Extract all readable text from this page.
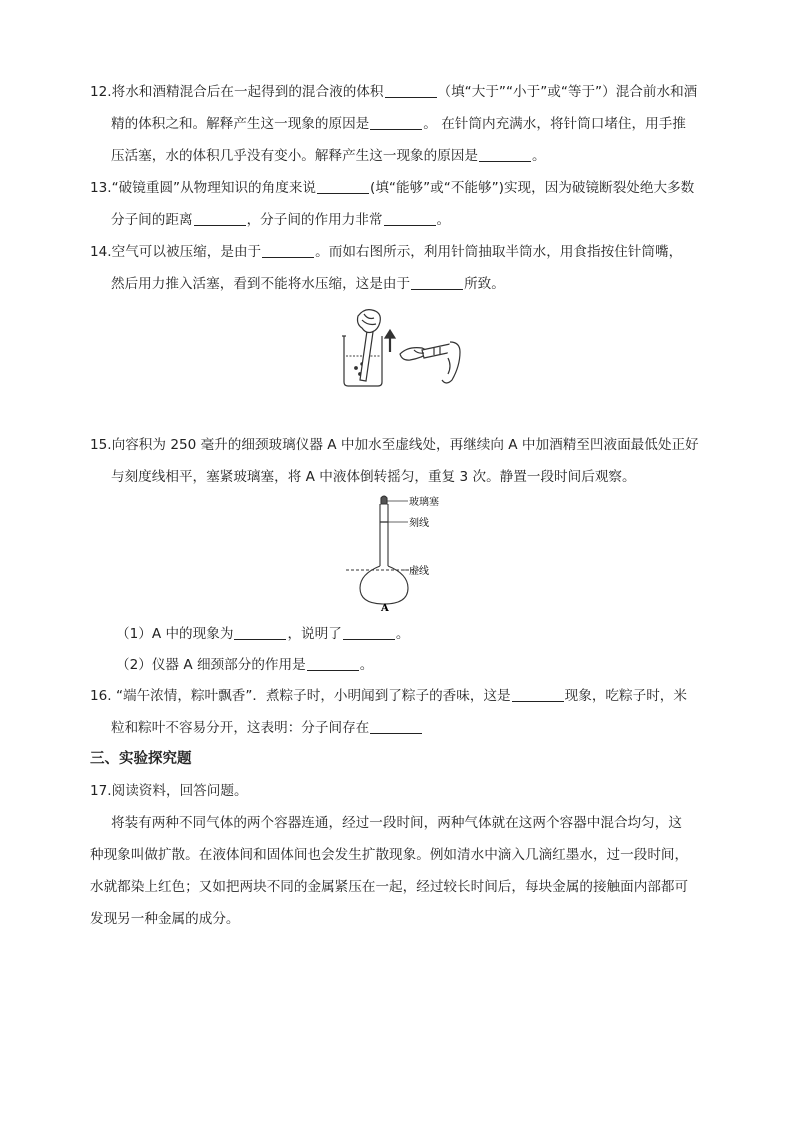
12.将水和酒精混合后在一起得到的混合液的体积	（填“大于”“小于”或“等于”）混合前水和酒
精的体积之和。解释产生这一现象的原因是	。 在针筒内充满水，将针筒口堵住，用手推
压活塞，水的体积几乎没有变小。解释产生这一现象的原因是	。
13.“破镜重圆”从物理知识的角度来说	(填“能够”或“不能够”)实现，因为破镜断裂处绝大多数
分子间的距离	，分子间的作用力非常	。
14.空气可以被压缩，是由于	。而如右图所示，利用针筒抽取半筒水，用食指按住针筒嘴，
然后用力推入活塞，看到不能将水压缩，这是由于	所致。
15.向容积为 250 毫升的细颈玻璃仪器 A 中加水至虚线处，再继续向 A 中加酒精至凹液面最低处正好
与刻度线相平，塞紧玻璃塞，将 A 中液体倒转摇匀，重复 3 次。静置一段时间后观察。
玻璃塞
刻线
虚线
A
（1）A 中的现象为	，说明了	。
（2）仪器 A 细颈部分的作用是	。
16. “端午浓情，粽叶飘香”．煮粽子时，小明闻到了粽子的香味，这是	现象，吃粽子时，米
粒和粽叶不容易分开，这表明：分子间存在
三、实验探究题
17.阅读资料，回答问题。
将装有两种不同气体的两个容器连通，经过一段时间，两种气体就在这两个容器中混合均匀，这
种现象叫做扩散。在液体间和固体间也会发生扩散现象。例如清水中滴入几滴红墨水，过一段时间，
水就都染上红色；又如把两块不同的金属紧压在一起，经过较长时间后，每块金属的接触面内部都可
发现另一种金属的成分。
